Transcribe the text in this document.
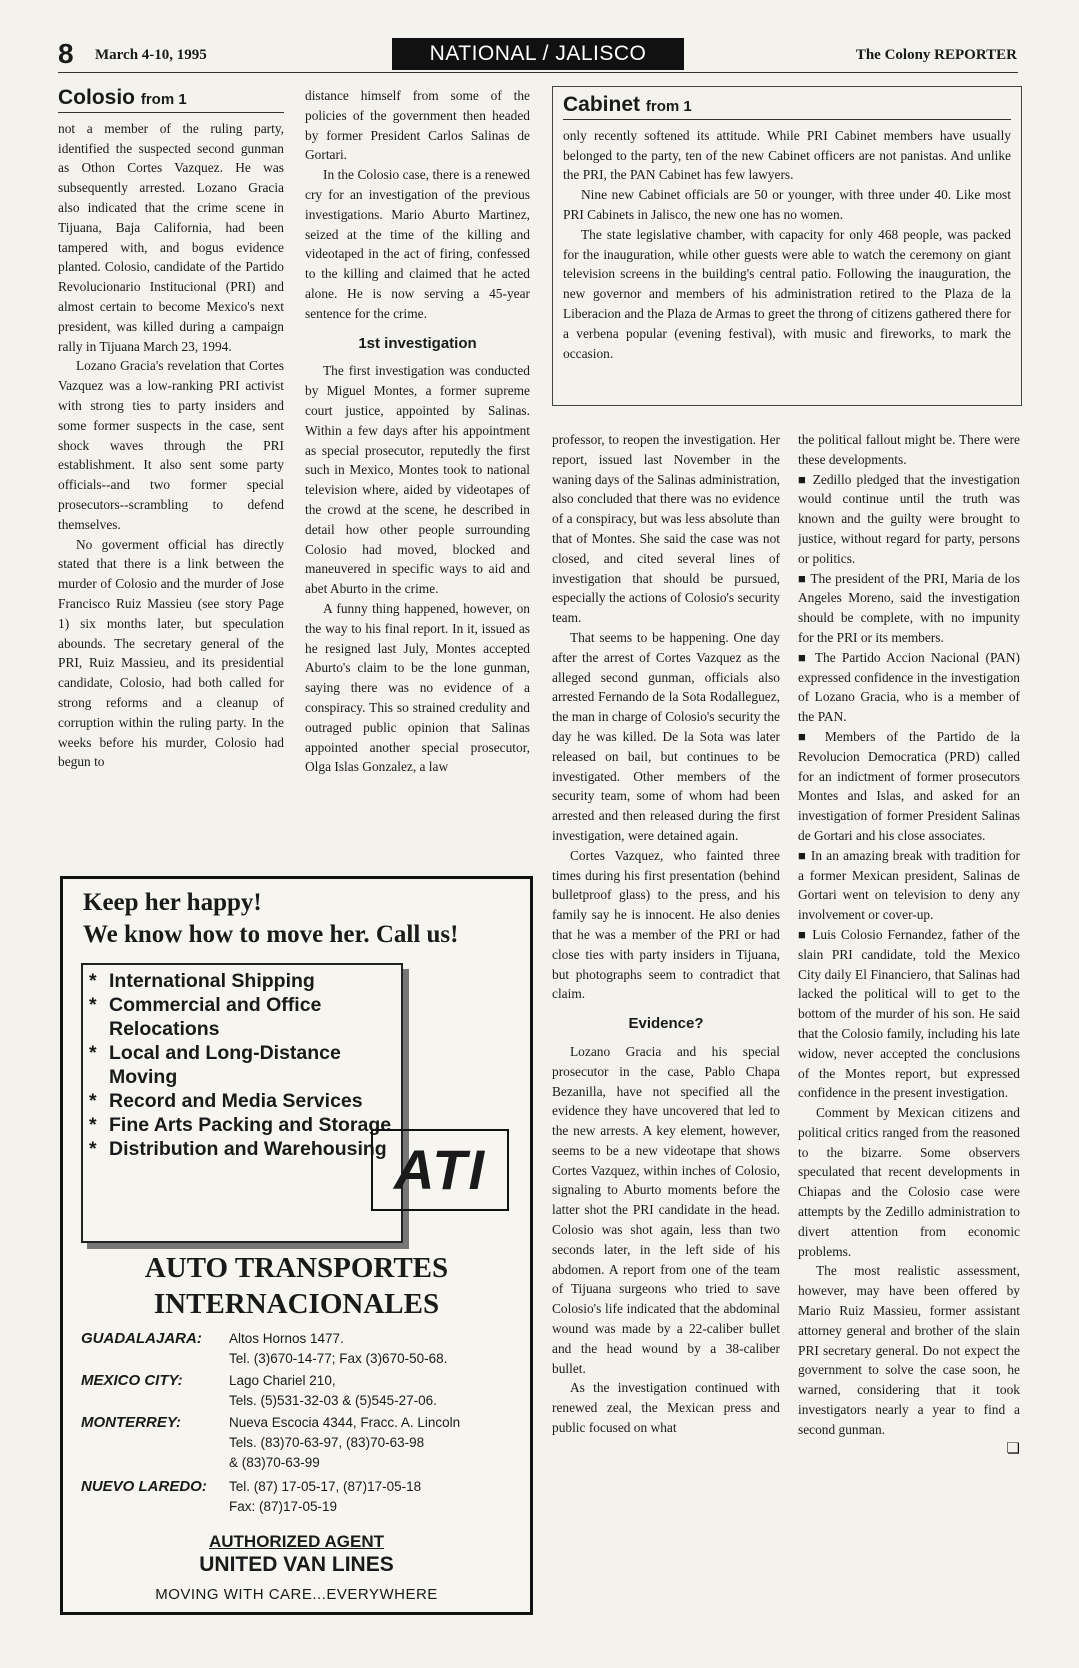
8 March 4-10, 1995	NATIONAL / JALISCO	The Colony REPORTER
Colosio from 1

not a member of the ruling party, identified the suspected second gunman as Othon Cortes Vazquez. He was subsequently arrested. Lozano Gracia also indicated that the crime scene in Tijuana, Baja California, had been tampered with, and bogus evidence planted. Colosio, candidate of the Partido Revolucionario Institucional (PRI) and almost certain to become Mexico's next president, was killed during a campaign rally in Tijuana March 23, 1994.

Lozano Gracia's revelation that Cortes Vazquez was a low-ranking PRI activist with strong ties to party insiders and some former suspects in the case, sent shock waves through the PRI establishment. It also sent some party officials--and two former special prosecutors--scrambling to defend themselves.

No goverment official has directly stated that there is a link between the murder of Colosio and the murder of Jose Francisco Ruiz Massieu (see story Page 1) six months later, but speculation abounds. The secretary general of the PRI, Ruiz Massieu, and its presidential candidate, Colosio, had both called for strong reforms and a cleanup of corruption within the ruling party. In the weeks before his murder, Colosio had begun to

distance himself from some of the policies of the government then headed by former President Carlos Salinas de Gortari.

In the Colosio case, there is a renewed cry for an investigation of the previous investigations. Mario Aburto Martinez, seized at the time of the killing and videotaped in the act of firing, confessed to the killing and claimed that he acted alone. He is now serving a 45-year sentence for the crime.

1st investigation

The first investigation was conducted by Miguel Montes, a former supreme court justice, appointed by Salinas. Within a few days after his appointment as special prosecutor, reputedly the first such in Mexico, Montes took to national television where, aided by videotapes of the crowd at the scene, he described in detail how other people surrounding Colosio had moved, blocked and maneuvered in specific ways to aid and abet Aburto in the crime.

A funny thing happened, however, on the way to his final report. In it, issued as he resigned last July, Montes accepted Aburto's claim to be the lone gunman, saying there was no evidence of a conspiracy. This so strained credulity and outraged public opinion that Salinas appointed another special prosecutor, Olga Islas Gonzalez, a law

Cabinet from 1

only recently softened its attitude. While PRI Cabinet members have usually belonged to the party, ten of the new Cabinet officers are not panistas. And unlike the PRI, the PAN Cabinet has few lawyers.

Nine new Cabinet officials are 50 or younger, with three under 40. Like most PRI Cabinets in Jalisco, the new one has no women.

The state legislative chamber, with capacity for only 468 people, was packed for the inauguration, while other guests were able to watch the ceremony on giant television screens in the building's central patio. Following the inauguration, the new governor and members of his administration retired to the Plaza de la Liberacion and the Plaza de Armas to greet the throng of citizens gathered there for a verbena popular (evening festival), with music and fireworks, to mark the occasion.

professor, to reopen the investigation. Her report, issued last November in the waning days of the Salinas administration, also concluded that there was no evidence of a conspiracy, but was less absolute than that of Montes. She said the case was not closed, and cited several lines of investigation that should be pursued, especially the actions of Colosio's security team.

That seems to be happening. One day after the arrest of Cortes Vazquez as the alleged second gunman, officials also arrested Fernando de la Sota Rodalleguez, the man in charge of Colosio's security the day he was killed. De la Sota was later released on bail, but continues to be investigated. Other members of the security team, some of whom had been arrested and then released during the first investigation, were detained again.

Cortes Vazquez, who fainted three times during his first presentation (behind bulletproof glass) to the press, and his family say he is innocent. He also denies that he was a member of the PRI or had close ties with party insiders in Tijuana, but photographs seem to contradict that claim.

Evidence?

Lozano Gracia and his special prosecutor in the case, Pablo Chapa Bezanilla, have not specified all the evidence they have uncovered that led to the new arrests. A key element, however, seems to be a new videotape that shows Cortes Vazquez, within inches of Colosio, signaling to Aburto moments before the latter shot the PRI candidate in the head. Colosio was shot again, less than two seconds later, in the left side of his abdomen. A report from one of the team of Tijuana surgeons who tried to save Colosio's life indicated that the abdominal wound was made by a 22-caliber bullet and the head wound by a 38-caliber bullet.

As the investigation continued with renewed zeal, the Mexican press and public focused on what

the political fallout might be. There were these developments.

■ Zedillo pledged that the investigation would continue until the truth was known and the guilty were brought to justice, without regard for party, persons or politics.

■ The president of the PRI, Maria de los Angeles Moreno, said the investigation should be complete, with no impunity for the PRI or its members.

■ The Partido Accion Nacional (PAN) expressed confidence in the investigation of Lozano Gracia, who is a member of the PAN.

■ Members of the Partido de la Revolucion Democratica (PRD) called for an indictment of former prosecutors Montes and Islas, and asked for an investigation of former President Salinas de Gortari and his close associates.

■ In an amazing break with tradition for a former Mexican president, Salinas de Gortari went on television to deny any involvement or cover-up.

■ Luis Colosio Fernandez, father of the slain PRI candidate, told the Mexico City daily El Financiero, that Salinas had lacked the political will to get to the bottom of the murder of his son. He said that the Colosio family, including his late widow, never accepted the conclusions of the Montes report, but expressed confidence in the present investigation.

Comment by Mexican citizens and political critics ranged from the reasoned to the bizarre. Some observers speculated that recent developments in Chiapas and the Colosio case were attempts by the Zedillo administration to divert attention from economic problems.

The most realistic assessment, however, may have been offered by Mario Ruiz Massieu, former assistant attorney general and brother of the slain PRI secretary general. Do not expect the government to solve the case soon, he warned, considering that it took investigators nearly a year to find a second gunman.

❏
Keep her happy!
We know how to move her. Call us!
* International Shipping
* Commercial and Office Relocations
* Local and Long-Distance Moving
* Record and Media Services
* Fine Arts Packing and Storage
* Distribution and Warehousing ATI
AUTO TRANSPORTES
INTERNACIONALES
GUADALAJARA: Altos Hornos 1477.
Tel. (3)670-14-77; Fax (3)670-50-68.
MEXICO CITY:	Lago Chariel 210,
Tels. (5)531-32-03 & (5)545-27-06.
MONTERREY:	Nueva Escocia 4344, Fracc. A. Lincoln
Tels. (83)70-63-97, (83)70-63-98
& (83)70-63-99
NUEVO LAREDO: Tel. (87) 17-05-17, (87)17-05-18
Fax: (87)17-05-19
AUTHORIZED AGENT
UNITED VAN LINES
MOVING WITH CARE...EVERYWHERE
